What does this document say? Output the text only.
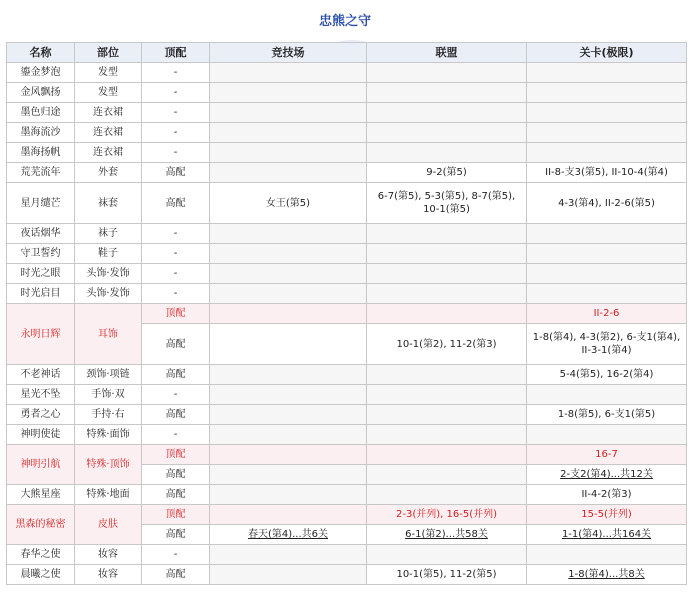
忠熊之守
名称	部位	顶配	竞技场	联盟	关卡(极限)
鎏金梦泡	发型	-			
金风飘扬	发型	-			
墨色归途	连衣裙	-			
墨海流沙	连衣裙	-			
墨海扬帆	连衣裙	-			
荒芜流年	外套	高配		9-2(第5)	II-8-支3(第5), II-10-4(第4)
星月缱芒	袜套	高配	女王(第5)	6-7(第5), 5-3(第5), 8-7(第5), 10-1(第5)	4-3(第4), II-2-6(第5)
夜话烟华	袜子	-			
守卫誓约	鞋子	-			
时光之眼	头饰·发饰	-			
时光启目	头饰·发饰	-			
永明日辉	耳饰	顶配			II-2-6
		高配		10-1(第2), 11-2(第3)	1-8(第4), 4-3(第2), 6-支1(第4), II-3-1(第4)
不老神话	颈饰·项链	高配			5-4(第5), 16-2(第4)
星光不坠	手饰·双	-			
勇者之心	手持·右	高配			1-8(第5), 6-支1(第5)
神明使徒	特殊·面饰	-			
神明引航	特殊·顶饰	顶配			16-7
		高配			2-支2(第4)...共12关
大熊星座	特殊·地面	高配			II-4-2(第3)
黑森的秘密	皮肤	顶配		2-3(并列), 16-5(并列)	15-5(并列)
		高配	春天(第4)...共6关	6-1(第2)...共58关	1-1(第4)...共164关
春华之使	妆容	-			
晨曦之使	妆容	高配		10-1(第5), 11-2(第5)	1-8(第4)...共8关
